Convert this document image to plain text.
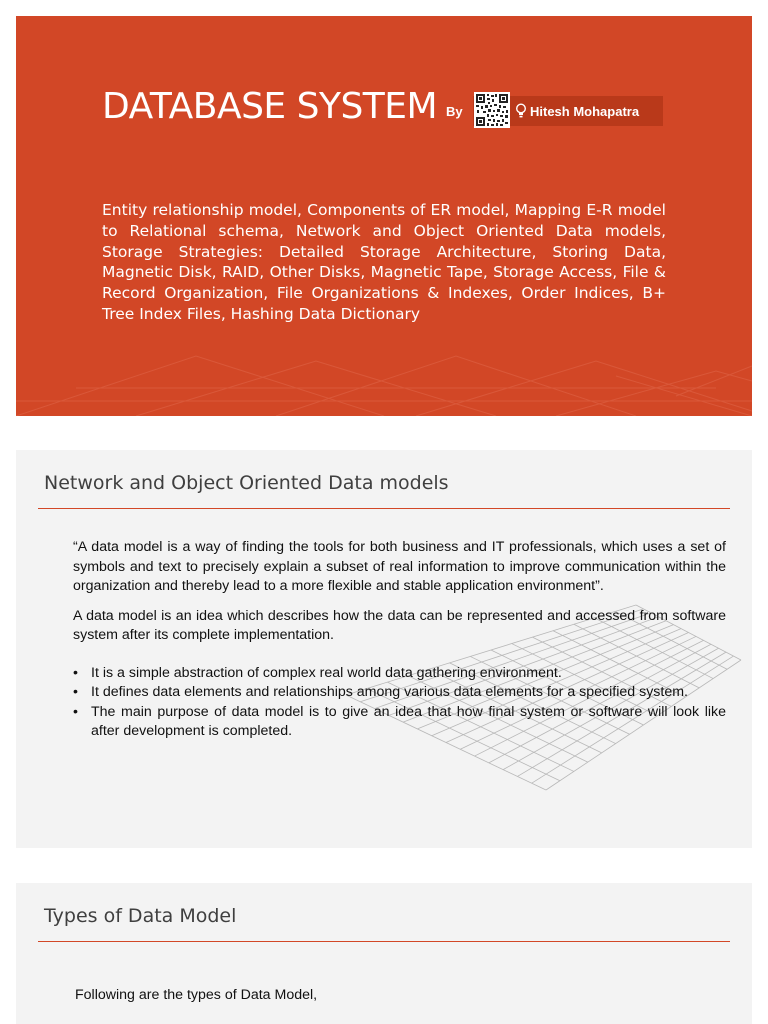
DATABASE SYSTEM By	Hitesh Mohapatra

Entity relationship model, Components of ER model, Mapping E-R model to Relational schema, Network and Object Oriented Data models, Storage Strategies: Detailed Storage Architecture, Storing Data, Magnetic Disk, RAID, Other Disks, Magnetic Tape, Storage Access, File & Record Organization, File Organizations & Indexes, Order Indices, B+ Tree Index Files, Hashing Data Dictionary

Network and Object Oriented Data models

“A data model is a way of finding the tools for both business and IT professionals, which uses a set of symbols and text to precisely explain a subset of real information to improve communication within the organization and thereby lead to a more flexible and stable application environment”.

A data model is an idea which describes how the data can be represented and accessed from software system after its complete implementation.

• It is a simple abstraction of complex real world data gathering environment.
• It defines data elements and relationships among various data elements for a specified system.
• The main purpose of data model is to give an idea that how final system or software will look like after development is completed.
Types of Data Model

Following are the types of Data Model,
